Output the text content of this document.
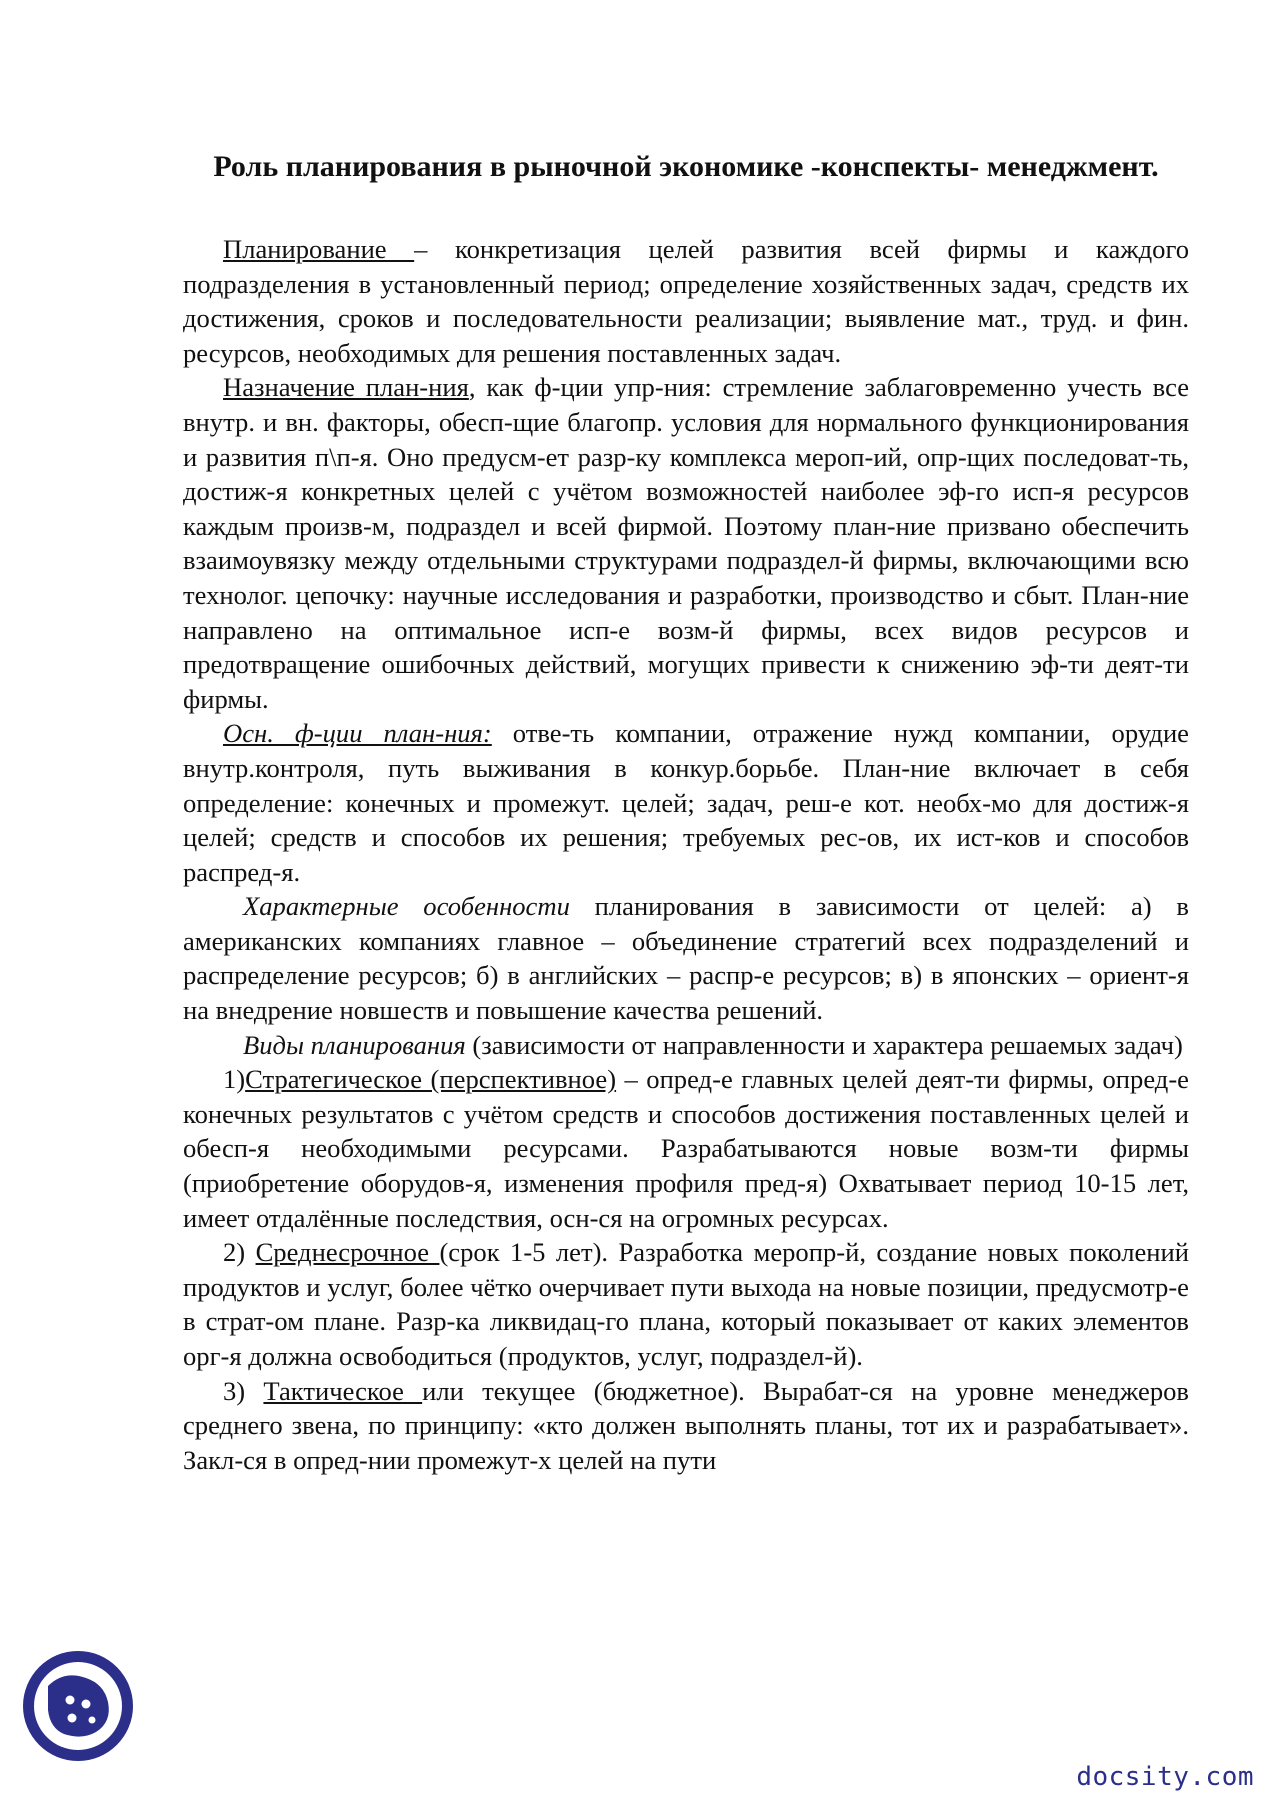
Роль планирования в рыночной экономике -конспекты- менеджмент.

Планирование – конкретизация целей развития всей фирмы и каждого подразделения в установленный период; определение хозяйственных задач, средств их достижения, сроков и последовательности реализации; выявление мат., труд. и фин. ресурсов, необходимых для решения поставленных задач.

Назначение план-ния, как ф-ции упр-ния: стремление заблаговременно учесть все внутр. и вн. факторы, обесп-щие благопр. условия для нормального функционирования и развития п\п-я. Оно предусм-ет разр-ку комплекса мероп-ий, опр-щих последоват-ть, достиж-я конкретных целей с учётом возможностей наиболее эф-го исп-я ресурсов каждым произв-м, подраздел и всей фирмой. Поэтому план-ние призвано обеспечить взаимоувязку между отдельными структурами подраздел-й фирмы, включающими всю технолог. цепочку: научные исследования и разработки, производство и сбыт. План-ние направлено на оптимальное исп-е возм-й фирмы, всех видов ресурсов и предотвращение ошибочных действий, могущих привести к снижению эф-ти деят-ти фирмы.

Осн. ф-ции план-ния: отве-ть компании, отражение нужд компании, орудие внутр.контроля, путь выживания в конкур.борьбе. План-ние включает в себя определение: конечных и промежут. целей; задач, реш-е кот. необх-мо для достиж-я целей; средств и способов их решения; требуемых рес-ов, их ист-ков и способов распред-я.

Характерные особенности планирования в зависимости от целей: а) в американских компаниях главное – объединение стратегий всех подразделений и распределение ресурсов; б) в английских – распр-е ресурсов; в) в японских – ориент-я на внедрение новшеств и повышение качества решений.

Виды планирования (зависимости от направленности и характера решаемых задач)

1)Стратегическое (перспективное) – опред-е главных целей деят-ти фирмы, опред-е конечных результатов с учётом средств и способов достижения поставленных целей и обесп-я необходимыми ресурсами. Разрабатываются новые возм-ти фирмы (приобретение оборудов-я, изменения профиля пред-я) Охватывает период 10-15 лет, имеет отдалённые последствия, осн-ся на огромных ресурсах.

2) Среднесрочное (срок 1-5 лет). Разработка меропр-й, создание новых поколений продуктов и услуг, более чётко очерчивает пути выхода на новые позиции, предусмотр-е в страт-ом плане. Разр-ка ликвидац-го плана, который показывает от каких элементов орг-я должна освободиться (продуктов, услуг, подраздел-й).

3) Тактическое или текущее (бюджетное). Вырабат-ся на уровне менеджеров среднего звена, по принципу: «кто должен выполнять планы, тот их и разрабатывает». Закл-ся в опред-нии промежут-х целей на пути

docsity.com
